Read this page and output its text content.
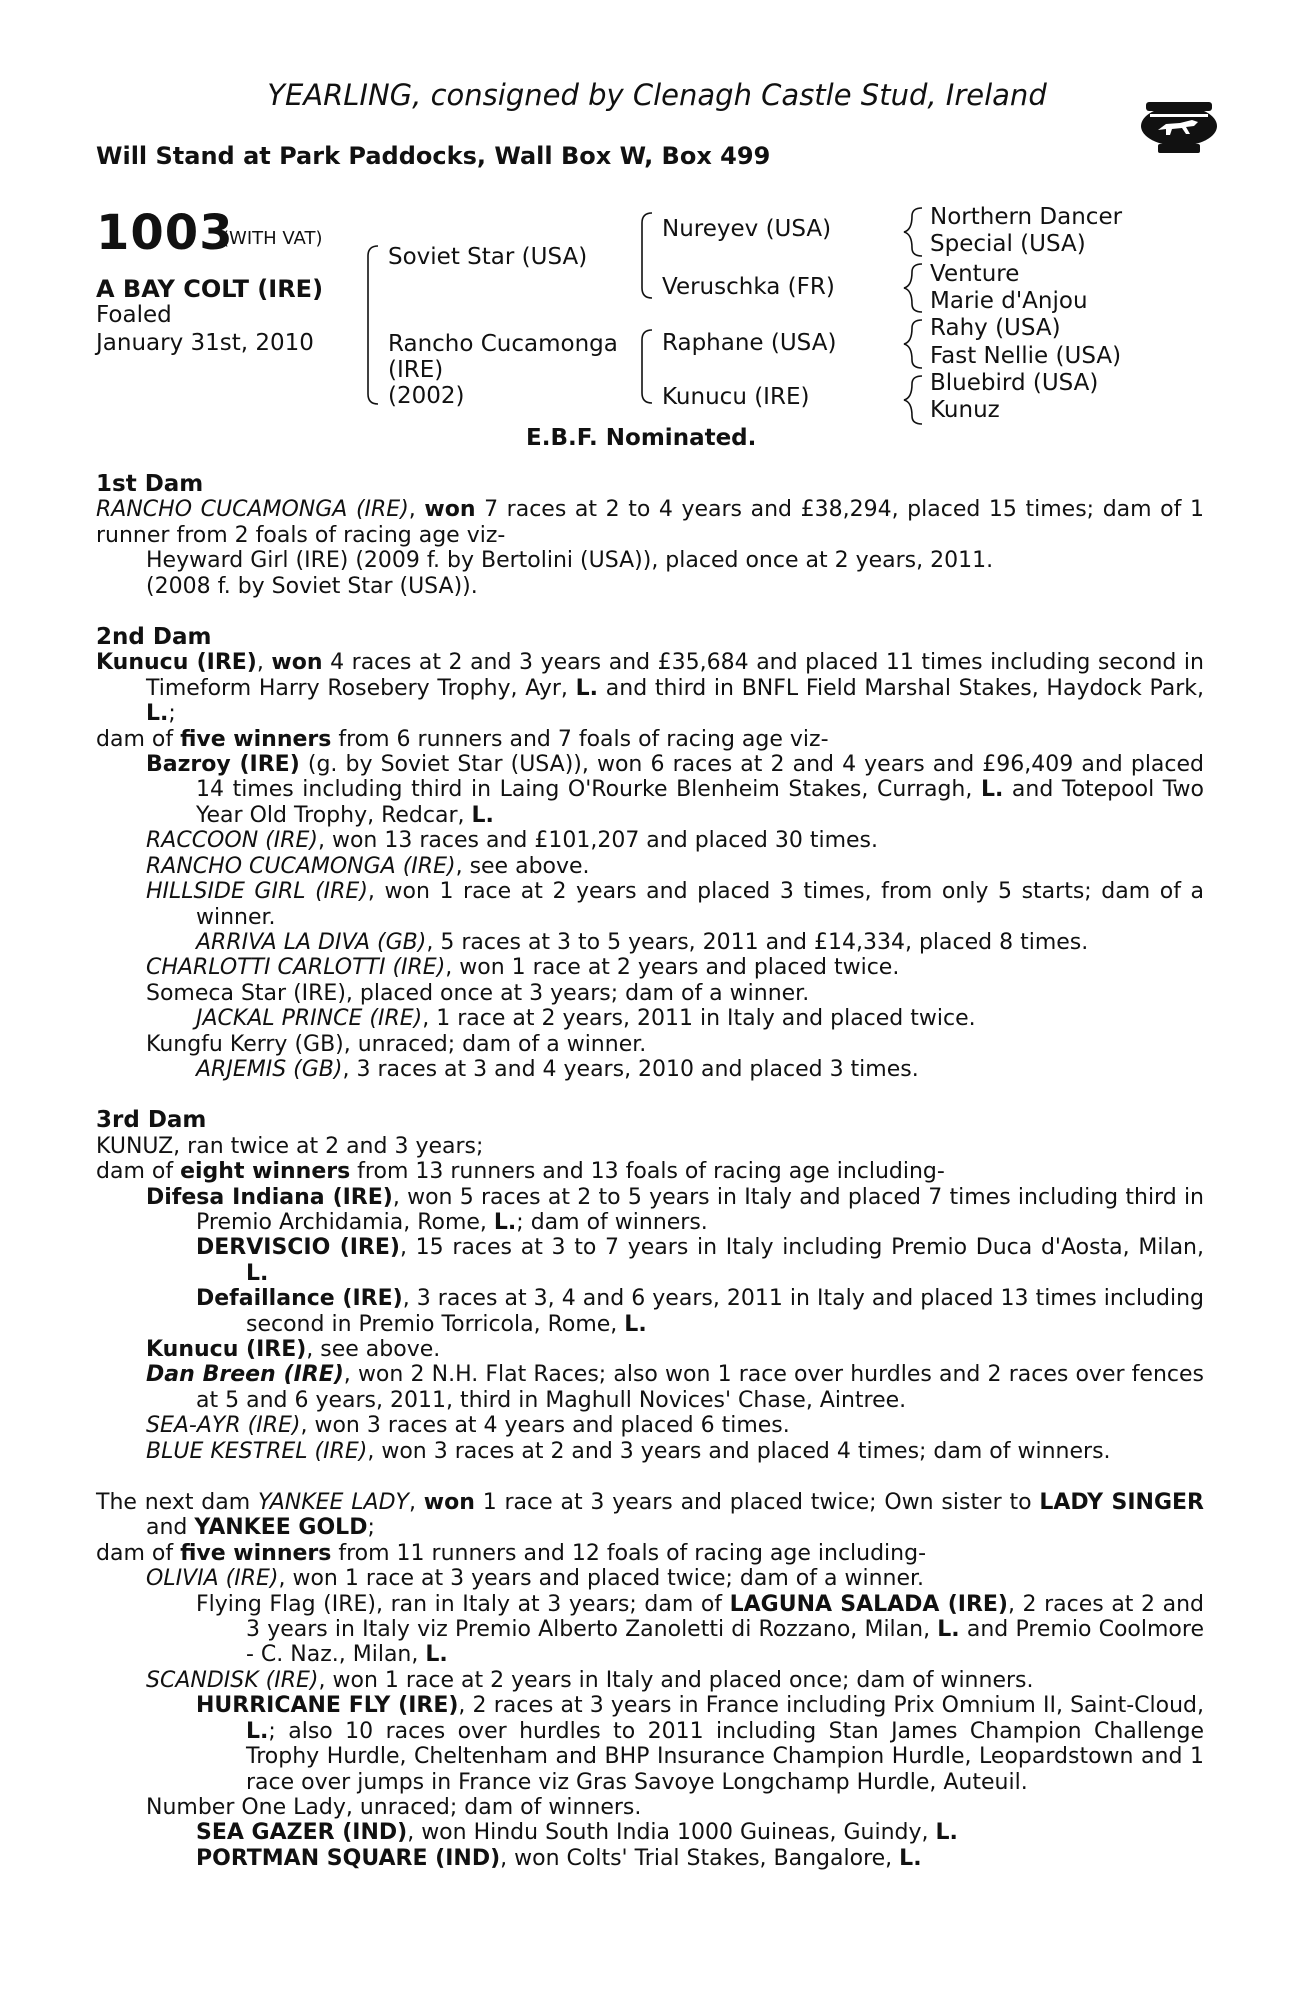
YEARLING, consigned by Clenagh Castle Stud, Ireland
Will Stand at Park Paddocks, Wall Box W, Box 499
1003
(WITH VAT)
A BAY COLT (IRE)
Foaled
January 31st, 2010
Soviet Star (USA)
Rancho Cucamonga
(IRE)
(2002)
Nureyev (USA)
Veruschka (FR)
Raphane (USA)
Kunucu (IRE)
Northern Dancer
Special (USA)
Venture
Marie d'Anjou
Rahy (USA)
Fast Nellie (USA)
Bluebird (USA)
Kunuz
E.B.F. Nominated.

1st Dam

RANCHO CUCAMONGA (IRE), won 7 races at 2 to 4 years and £38,294, placed 15 times; dam of 1 runner from 2 foals of racing age viz-

Heyward Girl (IRE) (2009 f. by Bertolini (USA)), placed once at 2 years, 2011.

(2008 f. by Soviet Star (USA)).

2nd Dam

Kunucu (IRE), won 4 races at 2 and 3 years and £35,684 and placed 11 times including second in Timeform Harry Rosebery Trophy, Ayr, L. and third in BNFL Field Marshal Stakes, Haydock Park, L.;

dam of five winners from 6 runners and 7 foals of racing age viz-

Bazroy (IRE) (g. by Soviet Star (USA)), won 6 races at 2 and 4 years and £96,409 and placed 14 times including third in Laing O'Rourke Blenheim Stakes, Curragh, L. and Totepool Two Year Old Trophy, Redcar, L.

RACCOON (IRE), won 13 races and £101,207 and placed 30 times.

RANCHO CUCAMONGA (IRE), see above.

HILLSIDE GIRL (IRE), won 1 race at 2 years and placed 3 times, from only 5 starts; dam of a winner.

ARRIVA LA DIVA (GB), 5 races at 3 to 5 years, 2011 and £14,334, placed 8 times.

CHARLOTTI CARLOTTI (IRE), won 1 race at 2 years and placed twice.

Someca Star (IRE), placed once at 3 years; dam of a winner.

JACKAL PRINCE (IRE), 1 race at 2 years, 2011 in Italy and placed twice.

Kungfu Kerry (GB), unraced; dam of a winner.

ARJEMIS (GB), 3 races at 3 and 4 years, 2010 and placed 3 times.

3rd Dam

KUNUZ, ran twice at 2 and 3 years;

dam of eight winners from 13 runners and 13 foals of racing age including-

Difesa Indiana (IRE), won 5 races at 2 to 5 years in Italy and placed 7 times including third in Premio Archidamia, Rome, L.; dam of winners.

DERVISCIO (IRE), 15 races at 3 to 7 years in Italy including Premio Duca d'Aosta, Milan, L.

Defaillance (IRE), 3 races at 3, 4 and 6 years, 2011 in Italy and placed 13 times including second in Premio Torricola, Rome, L.

Kunucu (IRE), see above.

Dan Breen (IRE), won 2 N.H. Flat Races; also won 1 race over hurdles and 2 races over fences at 5 and 6 years, 2011, third in Maghull Novices' Chase, Aintree.

SEA-AYR (IRE), won 3 races at 4 years and placed 6 times.

BLUE KESTREL (IRE), won 3 races at 2 and 3 years and placed 4 times; dam of winners.

The next dam YANKEE LADY, won 1 race at 3 years and placed twice; Own sister to LADY SINGER and YANKEE GOLD;

dam of five winners from 11 runners and 12 foals of racing age including-

OLIVIA (IRE), won 1 race at 3 years and placed twice; dam of a winner.

Flying Flag (IRE), ran in Italy at 3 years; dam of LAGUNA SALADA (IRE), 2 races at 2 and 3 years in Italy viz Premio Alberto Zanoletti di Rozzano, Milan, L. and Premio Coolmore - C. Naz., Milan, L.

SCANDISK (IRE), won 1 race at 2 years in Italy and placed once; dam of winners.

HURRICANE FLY (IRE), 2 races at 3 years in France including Prix Omnium II, Saint-Cloud, L.; also 10 races over hurdles to 2011 including Stan James Champion Challenge Trophy Hurdle, Cheltenham and BHP Insurance Champion Hurdle, Leopardstown and 1 race over jumps in France viz Gras Savoye Longchamp Hurdle, Auteuil.

Number One Lady, unraced; dam of winners.

SEA GAZER (IND), won Hindu South India 1000 Guineas, Guindy, L.

PORTMAN SQUARE (IND), won Colts' Trial Stakes, Bangalore, L.
